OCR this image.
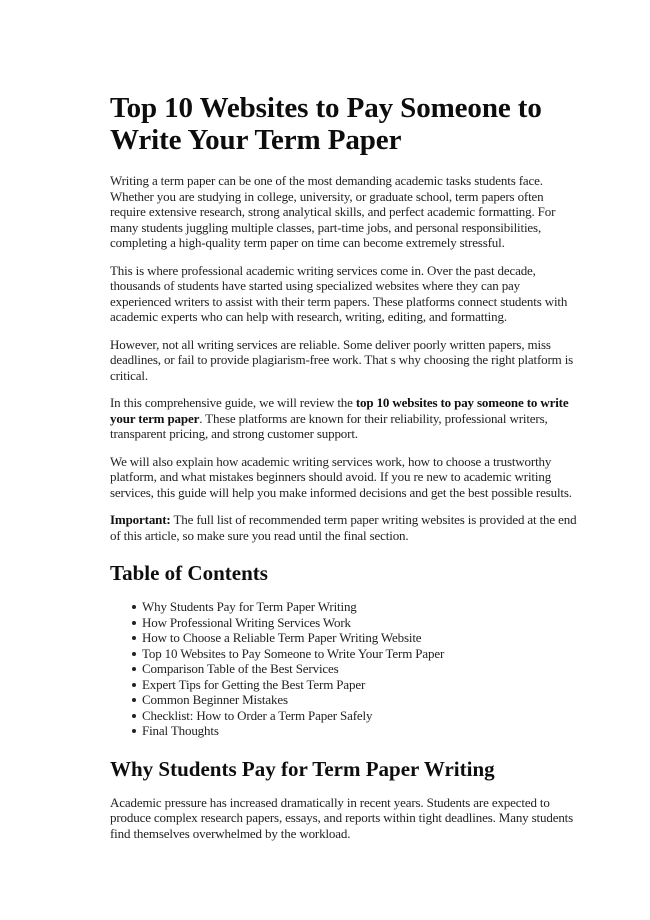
Top 10 Websites to Pay Someone to Write Your Term Paper

Writing a term paper can be one of the most demanding academic tasks students face. Whether you are studying in college, university, or graduate school, term papers often require extensive research, strong analytical skills, and perfect academic formatting. For many students juggling multiple classes, part-time jobs, and personal responsibilities, completing a high-quality term paper on time can become extremely stressful.

This is where professional academic writing services come in. Over the past decade, thousands of students have started using specialized websites where they can pay experienced writers to assist with their term papers. These platforms connect students with academic experts who can help with research, writing, editing, and formatting.

However, not all writing services are reliable. Some deliver poorly written papers, miss deadlines, or fail to provide plagiarism-free work. That s why choosing the right platform is critical.

In this comprehensive guide, we will review the top 10 websites to pay someone to write your term paper. These platforms are known for their reliability, professional writers, transparent pricing, and strong customer support.

We will also explain how academic writing services work, how to choose a trustworthy platform, and what mistakes beginners should avoid. If you re new to academic writing services, this guide will help you make informed decisions and get the best possible results.

Important: The full list of recommended term paper writing websites is provided at the end of this article, so make sure you read until the final section.

Table of Contents
Why Students Pay for Term Paper Writing
How Professional Writing Services Work
How to Choose a Reliable Term Paper Writing Website
Top 10 Websites to Pay Someone to Write Your Term Paper
Comparison Table of the Best Services
Expert Tips for Getting the Best Term Paper
Common Beginner Mistakes
Checklist: How to Order a Term Paper Safely
Final Thoughts
Why Students Pay for Term Paper Writing

Academic pressure has increased dramatically in recent years. Students are expected to produce complex research papers, essays, and reports within tight deadlines. Many students find themselves overwhelmed by the workload.
